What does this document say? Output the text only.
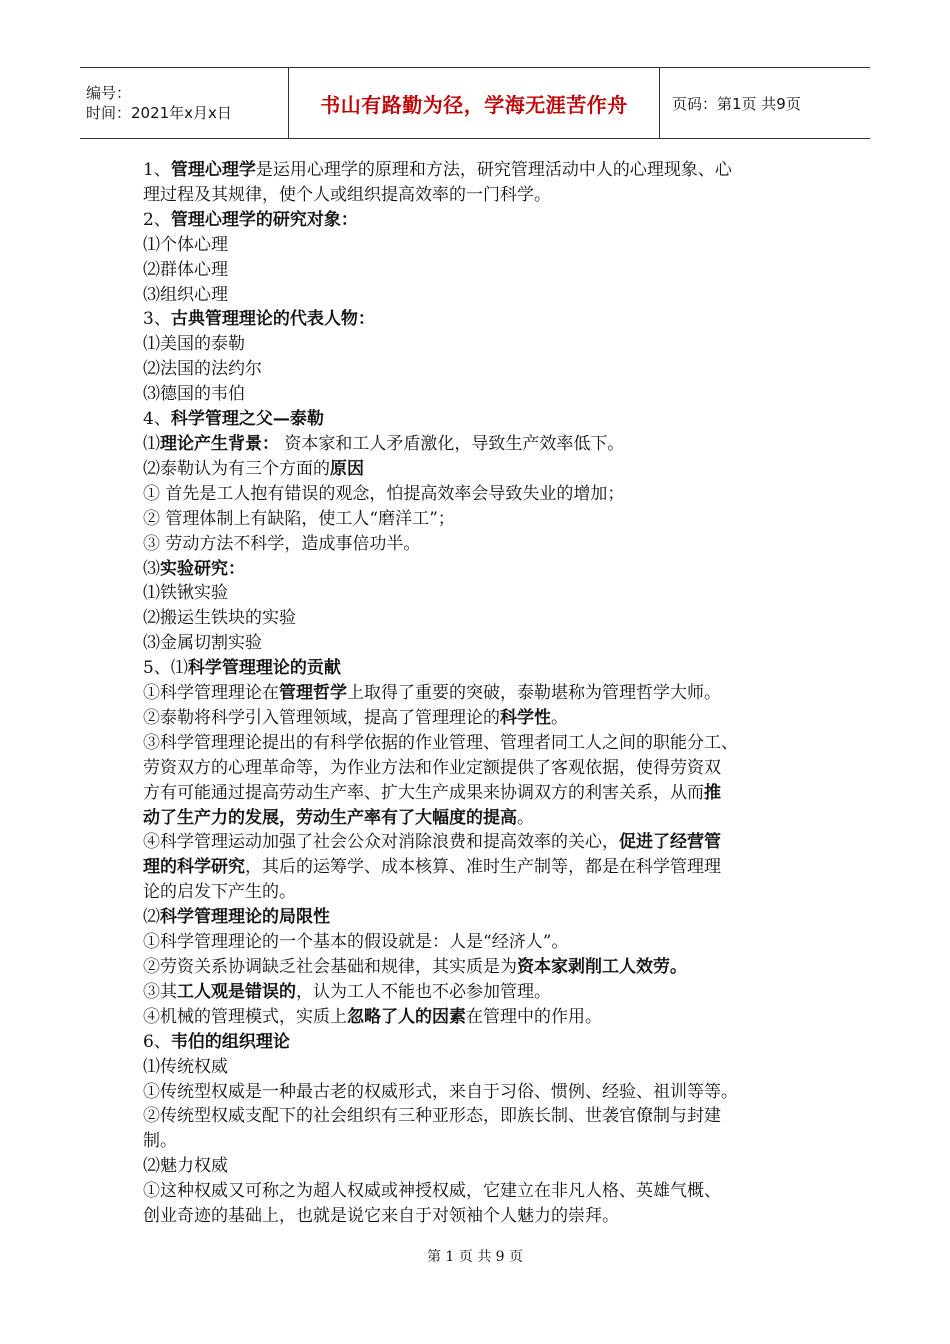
编号：
时间：2021年x月x日	书山有路勤为径，学海无涯苦作舟	页码：第1页 共9页
1、管理心理学是运用心理学的原理和方法，研究管理活动中人的心理现象、心
理过程及其规律，使个人或组织提高效率的一门科学。
2、管理心理学的研究对象：
⑴个体心理
⑵群体心理
⑶组织心理
3、古典管理理论的代表人物：
⑴美国的泰勒
⑵法国的法约尔
⑶德国的韦伯
4、科学管理之父—泰勒
⑴理论产生背景： 资本家和工人矛盾激化，导致生产效率低下。
⑵泰勒认为有三个方面的原因
① 首先是工人抱有错误的观念，怕提高效率会导致失业的增加；
② 管理体制上有缺陷，使工人“磨洋工”；
③ 劳动方法不科学，造成事倍功半。
⑶实验研究：
⑴铁锹实验
⑵搬运生铁块的实验
⑶金属切割实验
5、⑴科学管理理论的贡献
①科学管理理论在管理哲学上取得了重要的突破，泰勒堪称为管理哲学大师。
②泰勒将科学引入管理领域，提高了管理理论的科学性。
③科学管理理论提出的有科学依据的作业管理、管理者同工人之间的职能分工、
劳资双方的心理革命等，为作业方法和作业定额提供了客观依据，使得劳资双
方有可能通过提高劳动生产率、扩大生产成果来协调双方的利害关系，从而推
动了生产力的发展，劳动生产率有了大幅度的提高。
④科学管理运动加强了社会公众对消除浪费和提高效率的关心，促进了经营管
理的科学研究，其后的运筹学、成本核算、准时生产制等，都是在科学管理理
论的启发下产生的。
⑵科学管理理论的局限性
①科学管理理论的一个基本的假设就是：人是“经济人”。
②劳资关系协调缺乏社会基础和规律，其实质是为资本家剥削工人效劳。
③其工人观是错误的，认为工人不能也不必参加管理。
④机械的管理模式，实质上忽略了人的因素在管理中的作用。
6、韦伯的组织理论
⑴传统权威
①传统型权威是一种最古老的权威形式，来自于习俗、惯例、经验、祖训等等。
②传统型权威支配下的社会组织有三种亚形态，即族长制、世袭官僚制与封建
制。
⑵魅力权威
①这种权威又可称之为超人权威或神授权威，它建立在非凡人格、英雄气概、
创业奇迹的基础上，也就是说它来自于对领袖个人魅力的崇拜。
第 1 页 共 9 页
